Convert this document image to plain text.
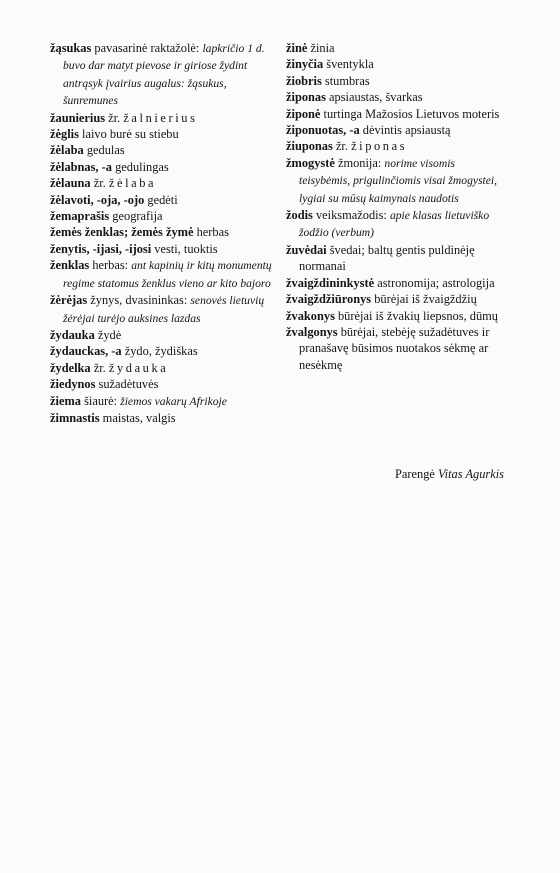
žąsukas pavasarinė raktažolė: lapkričio 1 d. buvo dar matyt pievose ir giriose žydint antrąsyk įvairius augalus: žąsukus, šunremunes
žaunierius žr. žalnierius
žėglis laivo burė su stiebu
žėlaba gedulas
žėlabnas, -a gedulingas
žėlauna žr. žėlaba
žėlavoti, -oja, -ojo gedėti
žemaprašis geografija
žemės ženklas; žemės žymė herbas
ženytis, -ijasi, -ijosi vesti, tuoktis
ženklas herbas: ant kapinių ir kitų monumentų regime statomus ženklus vieno ar kito bajoro
žėrėjas žynys, dvasininkas: senovės lietuvių žėrėjai turėjo auksines lazdas
žydauka žydė
žydauckas, -a žydo, žydiškas
žydelka žr. žydauka
žiedynos sužadėtuvės
žiema šiaurė: žiemos vakarų Afrikoje
žimnastis maistas, valgis
žinė žinia
žinyčia šventykla
žiobris stumbras
žiponas apsiaustas, švarkas
žiponė turtinga Mažosios Lietuvos moteris
žiponuotas, -a dėvintis apsiaustą
žiuponas žr. žiponas
žmogystė žmonija: norime visomis teisybėmis, prigulinčiomis visai žmogystei, lygiai su mūsų kaimynais naudotis
žodis veiksmažodis: apie klasas lietuviško žodžio (verbum)
žuvėdai švedai; baltų gentis puldinėję normanai
žvaigždininkystė astronomija; astrologija
žvaigždžiūronys būrėjai iš žvaigždžių
žvakonys būrėjai iš žvakių liepsnos, dūmų
žvalgonys būrėjai, stebėję sužadėtuves ir pranašavę būsimos nuotakos sėkmę ar nesėkmę
Parengė Vitas Agurkis
